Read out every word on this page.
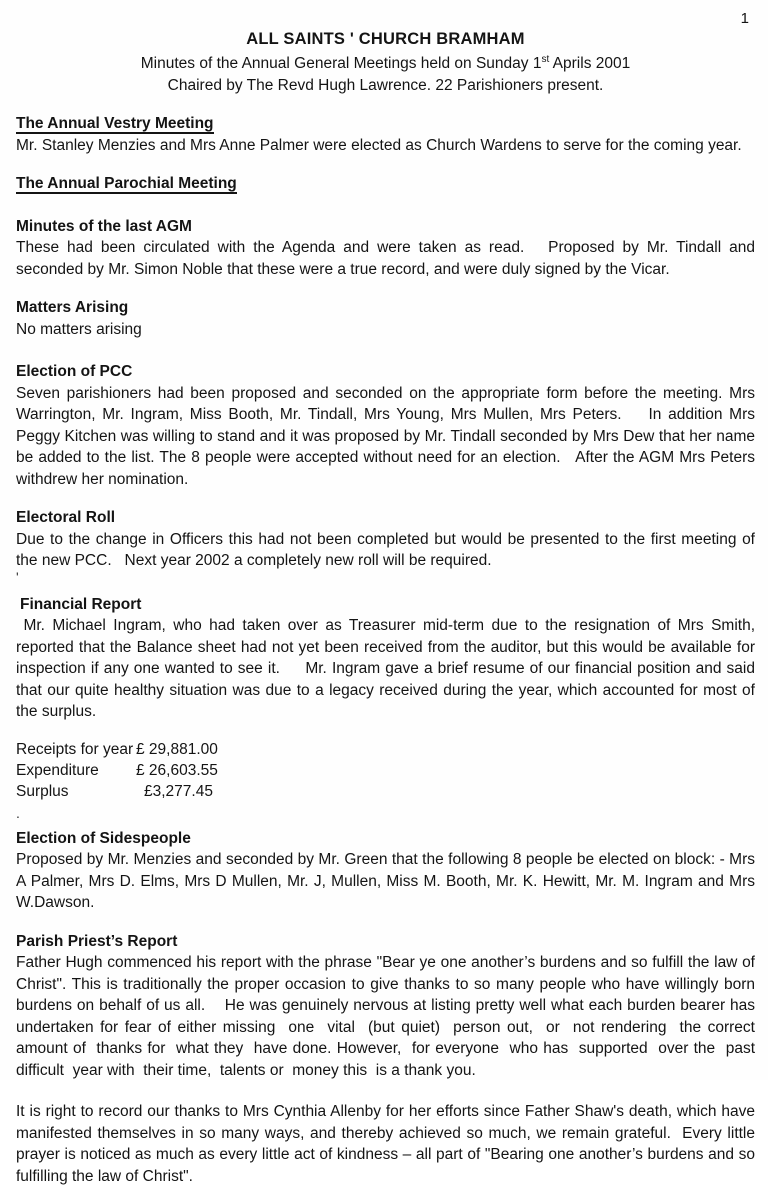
1
ALL SAINTS ' CHURCH BRAMHAM
Minutes of the Annual General Meetings held on Sunday 1st Aprils 2001
Chaired by The Revd Hugh Lawrence. 22 Parishioners present.
The Annual Vestry Meeting

Mr. Stanley Menzies and Mrs Anne Palmer were elected as Church Wardens to serve for the coming year.

The Annual Parochial Meeting
Minutes of the last AGM

These had been circulated with the Agenda and were taken as read.   Proposed by Mr. Tindall and seconded by Mr. Simon Noble that these were a true record, and were duly signed by the Vicar.

Matters Arising

No matters arising

Election of PCC

Seven parishioners had been proposed and seconded on the appropriate form before the meeting. Mrs Warrington, Mr. Ingram, Miss Booth, Mr. Tindall, Mrs Young, Mrs Mullen, Mrs Peters.    In addition Mrs Peggy Kitchen was willing to stand and it was proposed by Mr. Tindall seconded by Mrs Dew that her name be added to the list. The 8 people were accepted without need for an election.   After the AGM Mrs Peters withdrew her nomination.

Electoral Roll

Due to the change in Officers this had not been completed but would be presented to the first meeting of the new PCC.   Next year 2002 a completely new roll will be required.

'
Financial Report

Mr. Michael Ingram, who had taken over as Treasurer mid-term due to the resignation of Mrs Smith, reported that the Balance sheet had not yet been received from the auditor, but this would be available for inspection if any one wanted to see it.     Mr. Ingram gave a brief resume of our financial position and said that our quite healthy situation was due to a legacy received during the year, which accounted for most of the surplus.

Receipts for year £ 29,881.00
Expenditure	£ 26,603.55
Surplus	£3,277.45
.
Election of Sidespeople

Proposed by Mr. Menzies and seconded by Mr. Green that the following 8 people be elected on block: - Mrs A Palmer, Mrs D. Elms, Mrs D Mullen, Mr. J, Mullen, Miss M. Booth, Mr. K. Hewitt, Mr. M. Ingram and Mrs W.Dawson.

Parish Priest’s Report

Father Hugh commenced his report with the phrase "Bear ye one another’s burdens and so fulfill the law of Christ". This is traditionally the proper occasion to give thanks to so many people who have willingly born burdens on behalf of us all.    He was genuinely nervous at listing pretty well what each burden bearer has undertaken for fear of either missing  one  vital  (but quiet)  person out,  or  not rendering  the correct  amount of  thanks for  what they  have done. However,  for everyone  who has  supported  over the  past difficult  year with  their time,  talents or  money this  is a thank you.

It is right to record our thanks to Mrs Cynthia Allenby for her efforts since Father Shaw's death, which have manifested themselves in so many ways, and thereby achieved so much, we remain grateful.  Every little prayer is noticed as much as every little act of kindness – all part of "Bearing one another’s burdens and so fulfilling the law of Christ".
